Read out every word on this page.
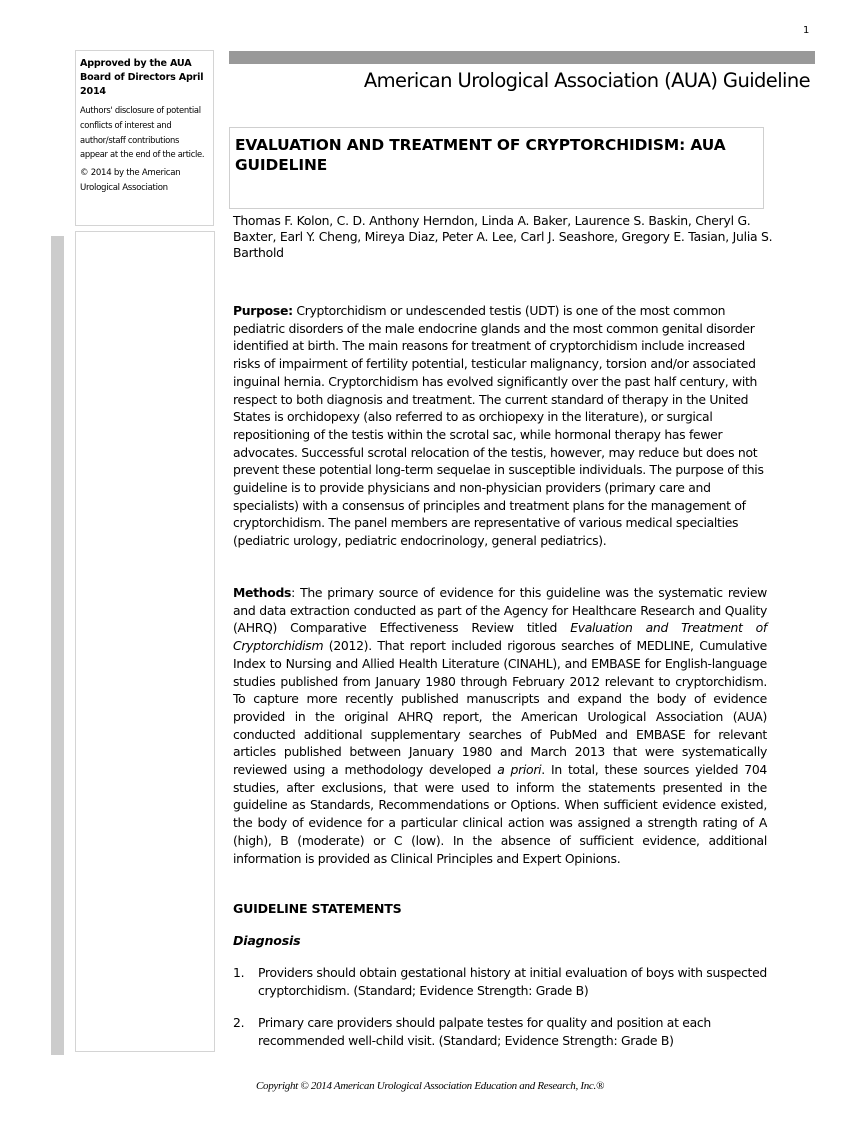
1
American Urological Association (AUA) Guideline
Approved by the AUA Board of Directors April 2014
Authors' disclosure of potential conflicts of interest and author/staff contributions appear at the end of the article.
© 2014 by the American Urological Association
EVALUATION AND TREATMENT OF CRYPTORCHIDISM: AUA GUIDELINE
Thomas F. Kolon, C. D. Anthony Herndon, Linda A. Baker, Laurence S. Baskin, Cheryl G. Baxter, Earl Y. Cheng, Mireya Diaz, Peter A. Lee, Carl J. Seashore, Gregory E. Tasian, Julia S. Barthold
Purpose: Cryptorchidism or undescended testis (UDT) is one of the most common pediatric disorders of the male endocrine glands and the most common genital disorder identified at birth. The main reasons for treatment of cryptorchidism include increased risks of impairment of fertility potential, testicular malignancy, torsion and/or associated inguinal hernia. Cryptorchidism has evolved significantly over the past half century, with respect to both diagnosis and treatment. The current standard of therapy in the United States is orchidopexy (also referred to as orchiopexy in the literature), or surgical repositioning of the testis within the scrotal sac, while hormonal therapy has fewer advocates. Successful scrotal relocation of the testis, however, may reduce but does not prevent these potential long-term sequelae in susceptible individuals. The purpose of this guideline is to provide physicians and non-physician providers (primary care and specialists) with a consensus of principles and treatment plans for the management of cryptorchidism. The panel members are representative of various medical specialties (pediatric urology, pediatric endocrinology, general pediatrics).
Methods: The primary source of evidence for this guideline was the systematic review and data extraction conducted as part of the Agency for Healthcare Research and Quality (AHRQ) Comparative Effectiveness Review titled Evaluation and Treatment of Cryptorchidism (2012). That report included rigorous searches of MEDLINE, Cumulative Index to Nursing and Allied Health Literature (CINAHL), and EMBASE for English-language studies published from January 1980 through February 2012 relevant to cryptorchidism. To capture more recently published manuscripts and expand the body of evidence provided in the original AHRQ report, the American Urological Association (AUA) conducted additional supplementary searches of PubMed and EMBASE for relevant articles published between January 1980 and March 2013 that were systematically reviewed using a methodology developed a priori. In total, these sources yielded 704 studies, after exclusions, that were used to inform the statements presented in the guideline as Standards, Recommendations or Options. When sufficient evidence existed, the body of evidence for a particular clinical action was assigned a strength rating of A (high), B (moderate) or C (low). In the absence of sufficient evidence, additional information is provided as Clinical Principles and Expert Opinions.
GUIDELINE STATEMENTS
Diagnosis
1. Providers should obtain gestational history at initial evaluation of boys with suspected cryptorchidism. (Standard; Evidence Strength: Grade B)
2. Primary care providers should palpate testes for quality and position at each recommended well-child visit. (Standard; Evidence Strength: Grade B)
Copyright © 2014 American Urological Association Education and Research, Inc.®
